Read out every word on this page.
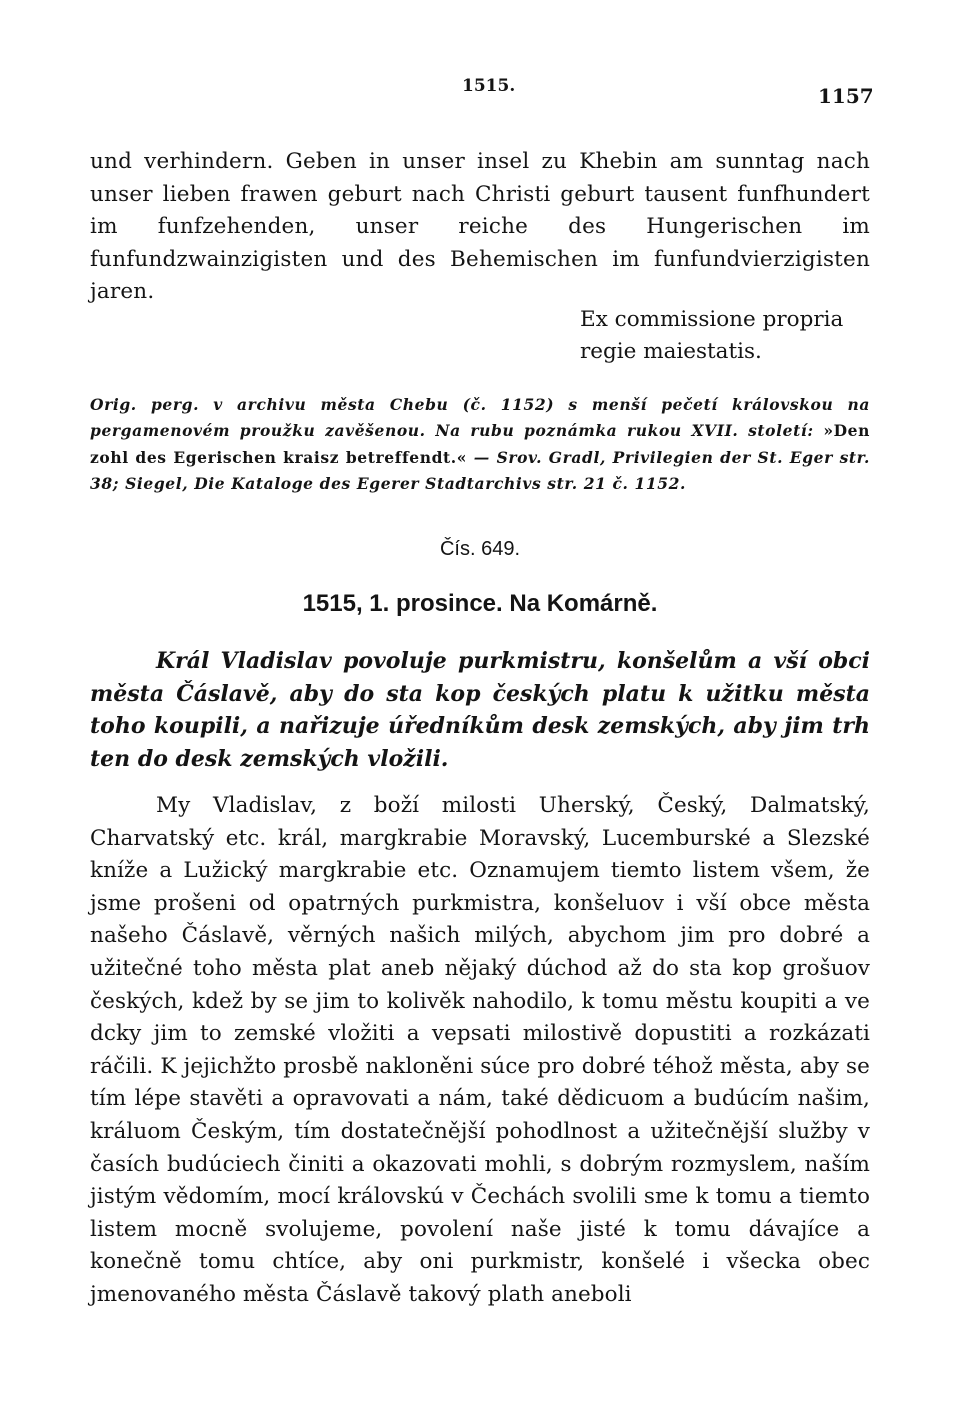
1515.	1157

und verhindern. Geben in unser insel zu Khebin am sunntag nach unser lieben frawen geburt nach Christi geburt tausent funfhundert im funfzehenden, unser reiche des Hungerischen im funfundzwainzigisten und des Behemischen im funfundvierzigisten jaren.

Ex commissione propria
regie maiestatis.

Orig. perg. v archivu města Chebu (č. 1152) s menší pečetí královskou na pergamenovém proužku zavěšenou. Na rubu poznámka rukou XVII. století: »Den zohl des Egerischen kraisz betreffendt.« — Srov. Gradl, Privilegien der St. Eger str. 38; Siegel, Die Kataloge des Egerer Stadtarchivs str. 21 č. 1152.

Čís. 649.
1515, 1. prosince. Na Komárně.

Král Vladislav povoluje purkmistru, konšelům a vší obci města Čáslavě, aby do sta kop českých platu k užitku města toho koupili, a nařizuje úředníkům desk zemských, aby jim trh ten do desk zemských vložili.

My Vladislav, z boží milosti Uherský, Český, Dalmatský, Charvatský etc. král, margkrabie Moravský, Lucemburské a Slezské kníže a Lužický margkrabie etc. Oznamujem tiemto listem všem, že jsme prošeni od opatrných purkmistra, konšeluov i vší obce města našeho Čáslavě, věrných našich milých, abychom jim pro dobré a užitečné toho města plat aneb nějaký dúchod až do sta kop grošuov českých, kdež by se jim to kolivěk nahodilo, k tomu městu koupiti a ve dcky jim to zemské vložiti a vepsati milostivě dopustiti a rozkázati ráčili. K jejichžto prosbě nakloněni súce pro dobré téhož města, aby se tím lépe stavěti a opravovati a nám, také dědicuom a budúcím našim, králuom Českým, tím dostatečnější pohodlnost a užitečnější služby v časích budúciech činiti a okazovati mohli, s dobrým rozmyslem, naším jistým vědomím, mocí královskú v Čechách svolili sme k tomu a tiemto listem mocně svolujeme, povolení naše jisté k tomu dávajíce a konečně tomu chtíce, aby oni purkmistr, konšelé i všecka obec jmenovaného města Čáslavě takový plath aneboli
